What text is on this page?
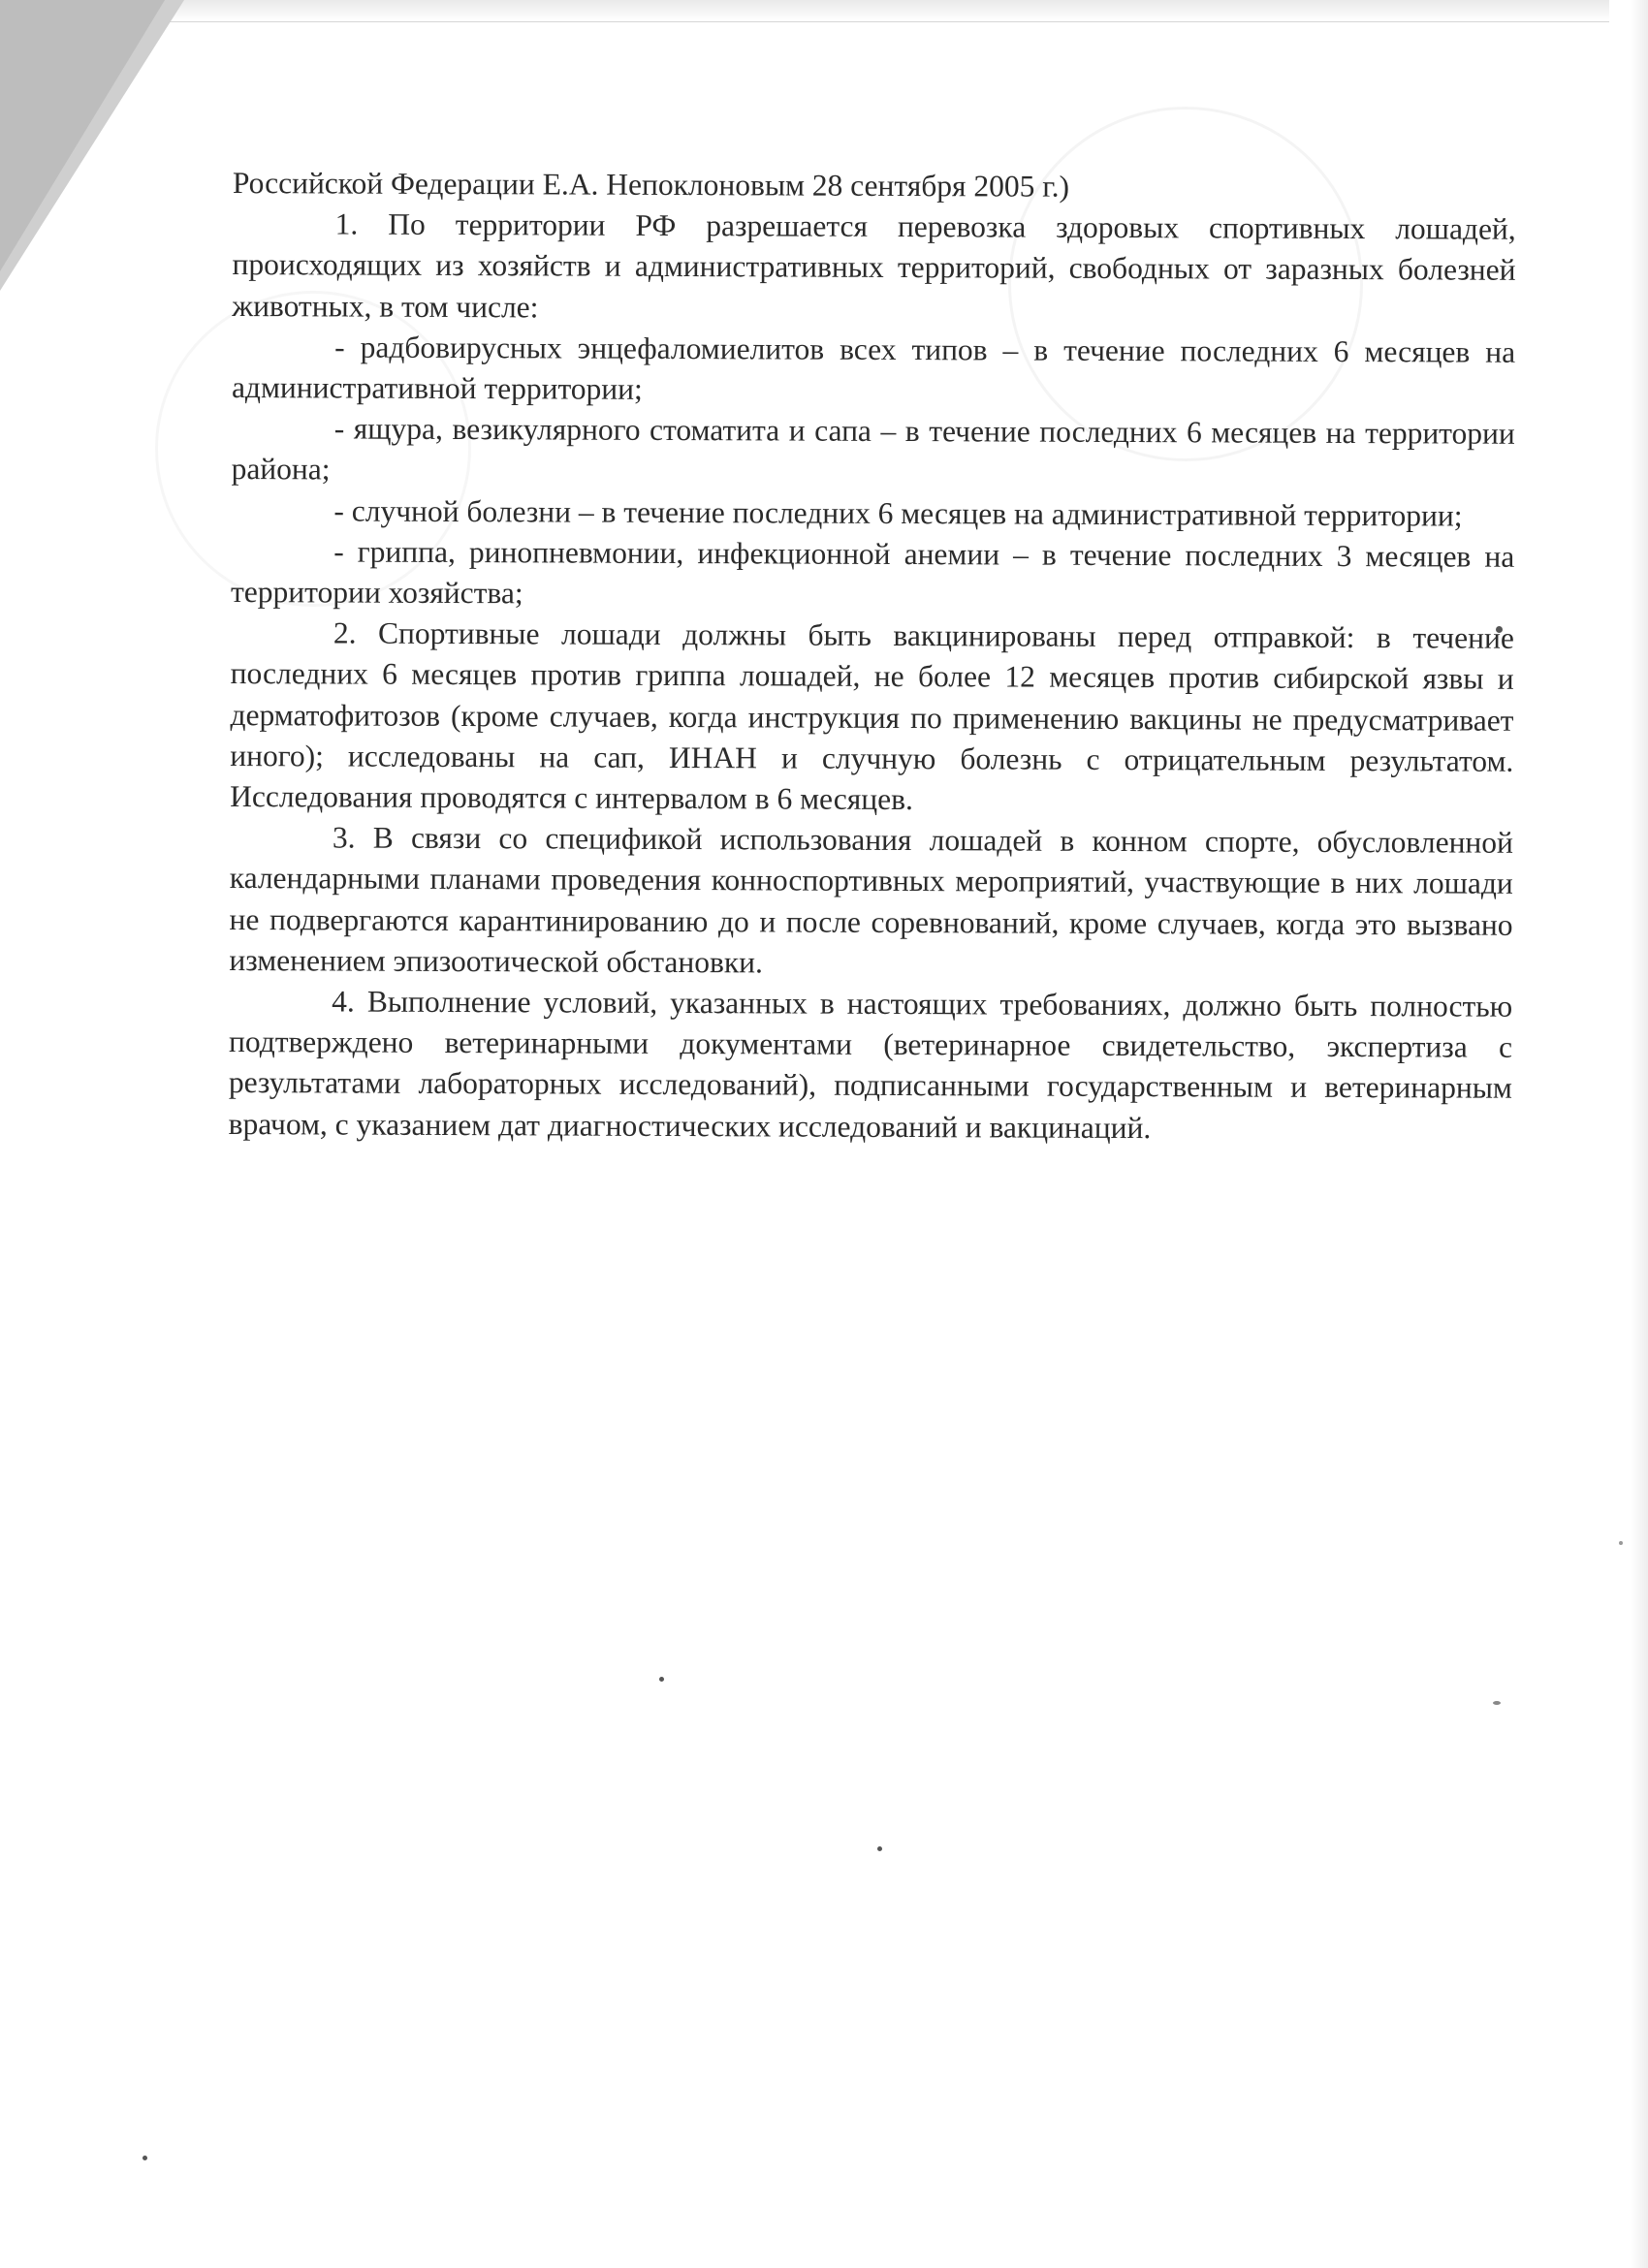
Российской Федерации Е.А. Непоклоновым 28 сентября 2005 г.)

1. По территории РФ разрешается перевозка здоровых спортивных лошадей, происходящих из хозяйств и административных территорий, свободных от заразных болезней животных, в том числе:

- радбовирусных энцефаломиелитов всех типов – в течение последних 6 месяцев на административной территории;

- ящура, везикулярного стоматита и сапа – в течение последних 6 месяцев на территории района;

- случной болезни – в течение последних 6 месяцев на административной территории;

- гриппа, ринопневмонии, инфекционной анемии – в течение последних 3 месяцев на территории хозяйства;

2. Спортивные лошади должны быть вакцинированы перед отправкой: в течение последних 6 месяцев против гриппа лошадей, не более 12 месяцев против сибирской язвы и дерматофитозов (кроме случаев, когда инструкция по применению вакцины не предусматривает иного); исследованы на сап, ИНАН и случную болезнь с отрицательным результатом. Исследования проводятся с интервалом в 6 месяцев.

3. В связи со спецификой использования лошадей в конном спорте, обусловленной календарными планами проведения конноспортивных мероприятий, участвующие в них лошади не подвергаются карантинированию до и после соревнований, кроме случаев, когда это вызвано изменением эпизоотической обстановки.

4. Выполнение условий, указанных в настоящих требованиях, должно быть полностью подтверждено ветеринарными документами (ветеринарное свидетельство, экспертиза с результатами лабораторных исследований), подписанными государственным и ветеринарным врачом, с указанием дат диагностических исследований и вакцинаций.
